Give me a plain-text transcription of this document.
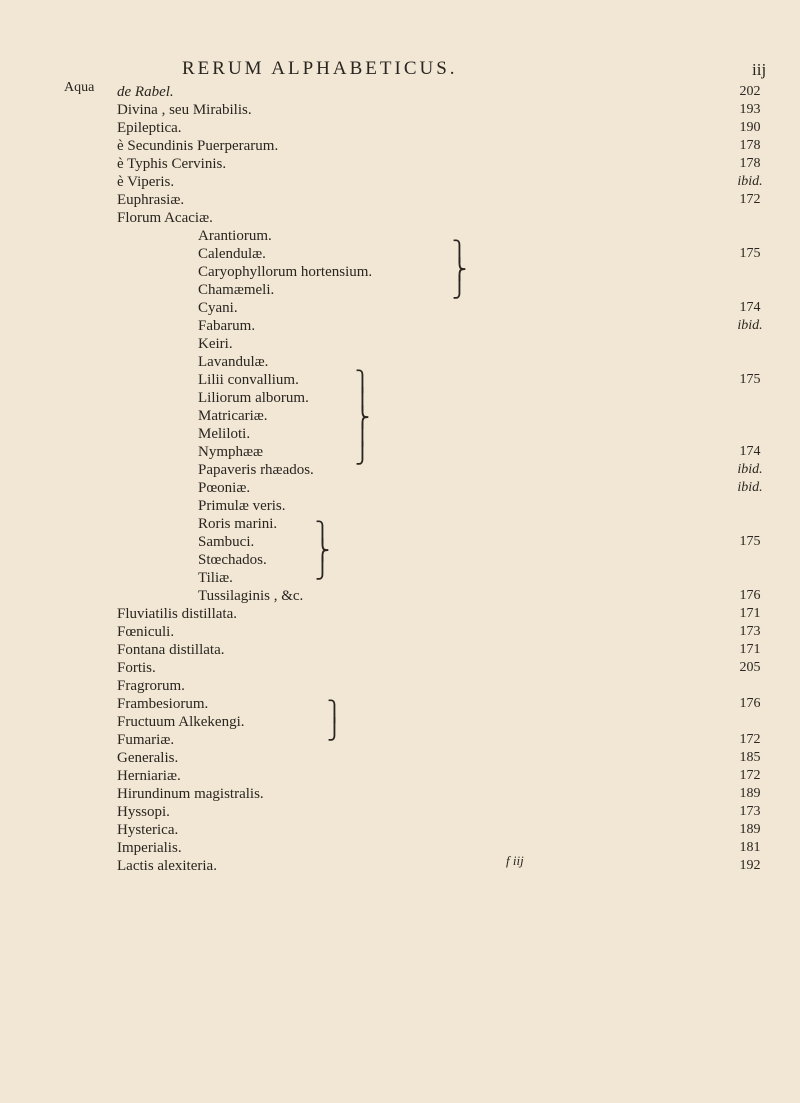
RERUM ALPHABETICUS.	iij
Aqua de Rabel.	202
Divina , seu Mirabilis.	193
Epileptica.	190
è Secundinis Puerperarum.	178
è Typhis Cervinis.	178
è Viperis.	ibid.
Euphrasiæ.	172
Florum Acaciæ.
Arantiorum.
Calendulæ.	175
Caryophyllorum hortensium.
Chamæmeli.
Cyani.	174
Fabarum.	ibid.
Keiri.
Lavandulæ.
Lilii convallium.	175
Liliorum alborum.
Matricariæ.
Meliloti.
Nymphææ	174
Papaveris rhæados.	ibid.
Pœoniæ.	ibid.
Primulæ veris.
Roris marini.
Sambuci.	175
Stœchados.
Tiliæ.
Tussilaginis , &c.	176
Fluviatilis distillata.	171
Fœniculi.	173
Fontana distillata.	171
Fortis.	205
Fragrorum.
Frambesiorum.	176
Fructuum Alkekengi.
Fumariæ.	172
Generalis.	185
Herniariæ.	172
Hirundinum magistralis.	189
Hyssopi.	173
Hysterica.	189
Imperialis.	181
Lactis alexiteria.	192
⎫
⎬
⎭
⎫
⎪
⎬
⎪
⎭
⎫
⎬
⎭
⎫
⎭
f iij
